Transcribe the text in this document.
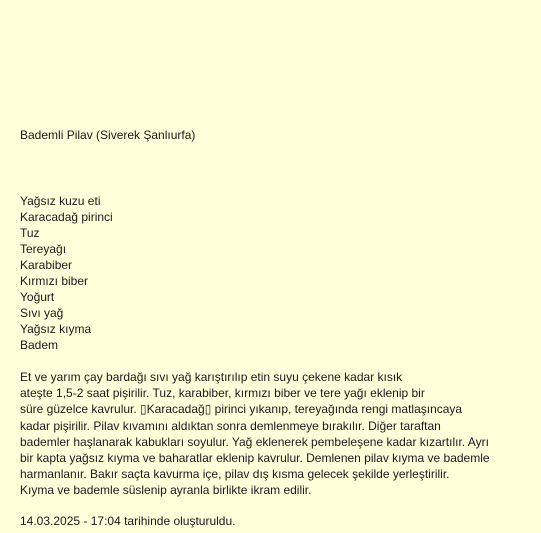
Bademli Pilav (Siverek Şanlıurfa)
Yağsız kuzu eti
Karacadağ pirinci
Tuz
Tereyağı
Karabiber
Kırmızı biber
Yoğurt
Sıvı yağ
Yağsız kıyma
Badem

Et ve yarım çay bardağı sıvı yağ karıştırılıp etin suyu çekene kadar kısık
ateşte 1,5-2 saat pişirilir. Tuz, karabiber, kırmızı biber ve tere yağı eklenip bir
süre güzelce kavrulur. ▯Karacadağ▯ pirinci yıkanıp, tereyağında rengi matlaşıncaya
kadar pişirilir. Pilav kıvamını aldıktan sonra demlenmeye bırakılır. Diğer taraftan
bademler haşlanarak kabukları soyulur. Yağ eklenerek pembeleşene kadar kızartılır. Ayrı
bir kapta yağsız kıyma ve baharatlar eklenip kavrulur. Demlenen pilav kıyma ve bademle
harmanlanır. Bakır saçta kavurma içe, pilav dış kısma gelecek şekilde yerleştirilir.
Kıyma ve bademle süslenip ayranla birlikte ikram edilir.

14.03.2025 - 17:04 tarihinde oluşturuldu.
